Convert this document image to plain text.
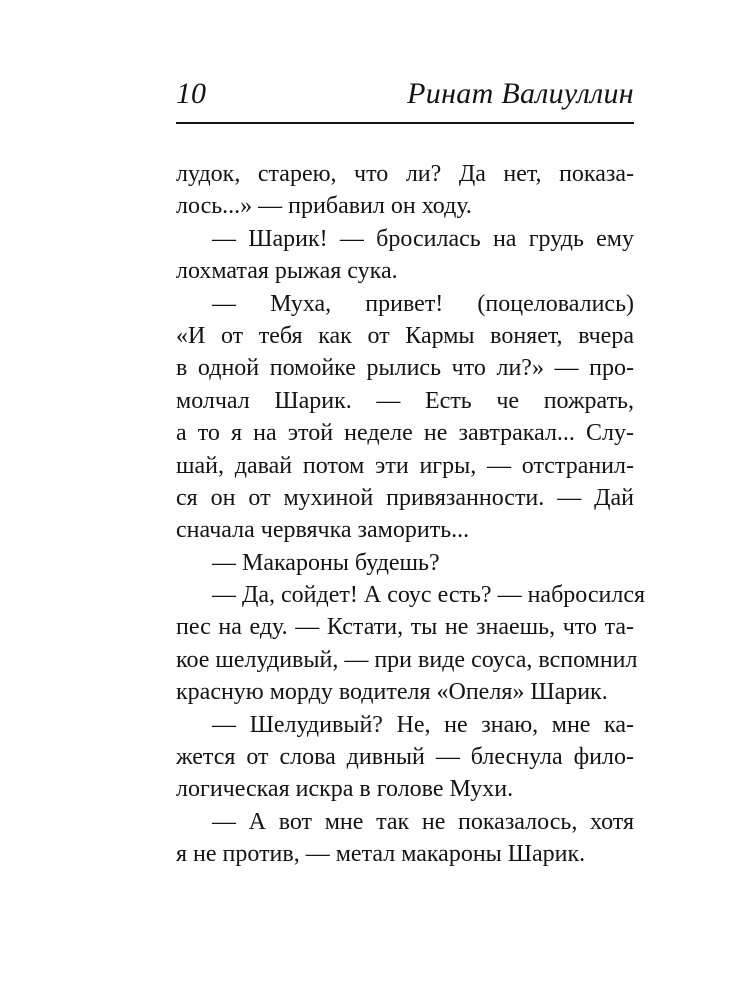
10	Ринат Валиуллин
лудок, старею, что ли? Да нет, показа-
лось...» — прибавил он ходу.
— Шарик! — бросилась на грудь ему
лохматая рыжая сука.
— Муха, привет! (поцеловались)
«И от тебя как от Кармы воняет, вчера
в одной помойке рылись что ли?» — про-
молчал Шарик. — Есть че пожрать,
а то я на этой неделе не завтракал... Слу-
шай, давай потом эти игры, — отстранил-
ся он от мухиной привязанности. — Дай
сначала червячка заморить...
— Макароны будешь?
— Да, сойдет! А соус есть? — набросился
пес на еду. — Кстати, ты не знаешь, что та-
кое шелудивый, — при виде соуса, вспомнил
красную морду водителя «Опеля» Шарик.
— Шелудивый? Не, не знаю, мне ка-
жется от слова дивный — блеснула фило-
логическая искра в голове Мухи.
— А вот мне так не показалось, хотя
я не против, — метал макароны Шарик.
